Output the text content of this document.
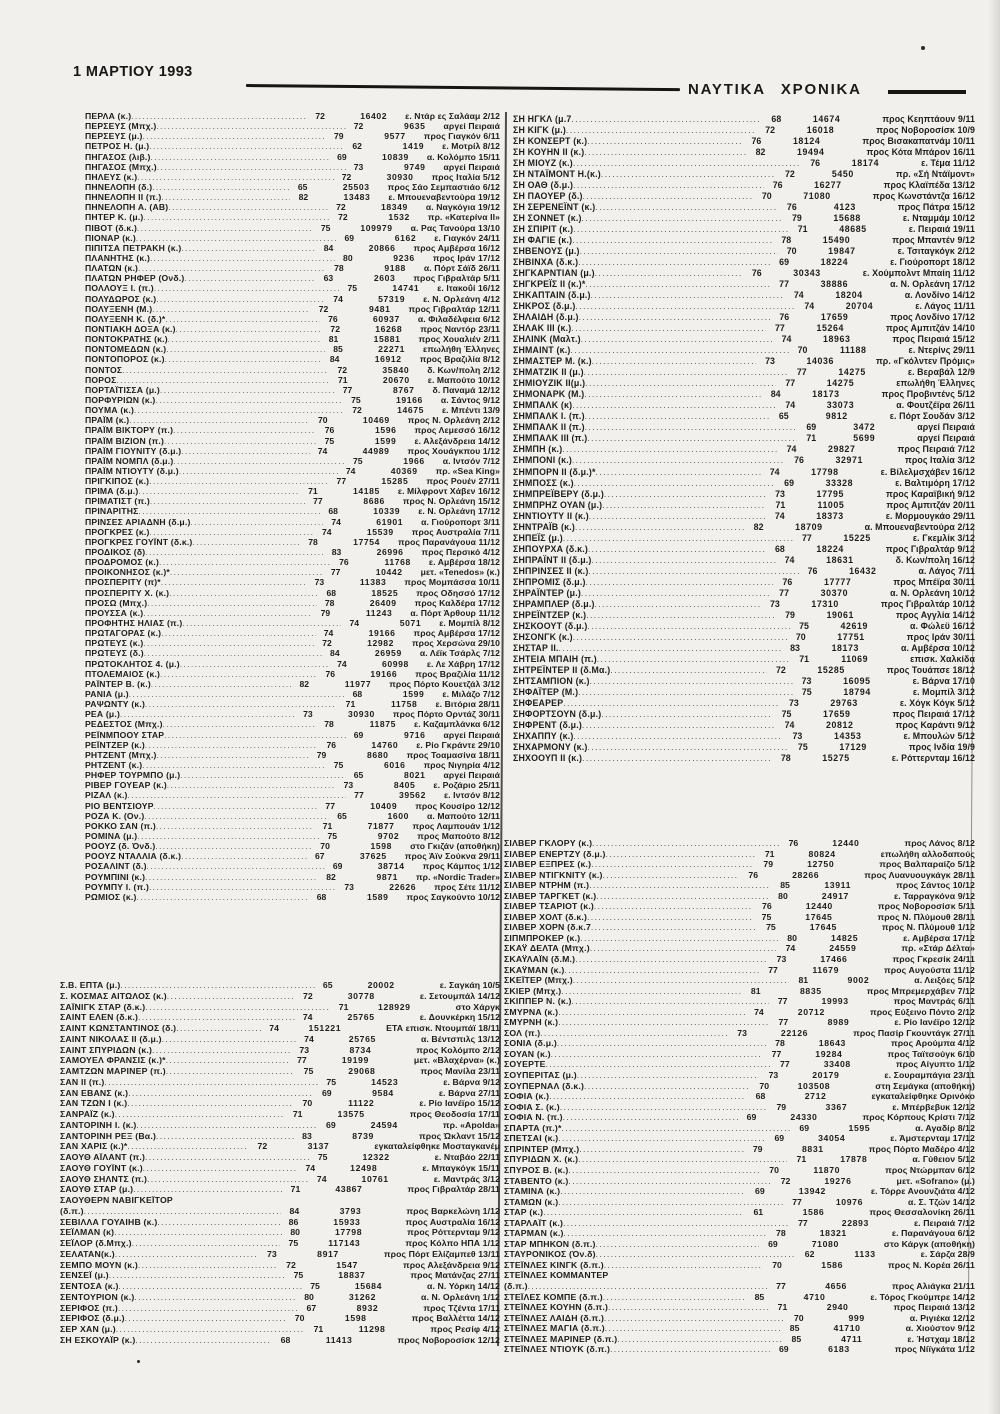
1 ΜΑΡΤΙΟΥ 1993
ΝΑΥΤΙΚΑ ΧΡΟΝΙΚΑ
ΠΕΡΛΑ (κ.) .....	72	16402 ε. Ντάρ ες Σαλάαμ 2/12
ΠΕΡΣΕΥΣ (Μπχ.) .....	72	9635 αργεί Πειραιά
ΠΕΡΣΕΥΣ (μ.) .....	79	9577 προς Γιαγκόν 6/11
ΠΕΤΡΟΣ Η. (μ.) .....	62	1419 ε. Μοτρίλ 8/12
ΠΗΓΑΣΟΣ (λιβ.) .....	69	10839 α. Κολόμπο 15/11
ΠΗΓΑΣΟΣ (Μπχ.) .....	73	9749 αργεί Πειραιά
ΠΗΛΕΥΣ (κ.) .....	72	30930 προς Ιταλία 5/12
ΠΗΝΕΛΟΠΗ (δ.) .....	65	25503 προς Σάο Σεμπαστιάο 6/12
ΠΗΝΕΛΟΠΗ ΙΙ (π.) .....	82	13483 ε. Μπουεναβεντούρα 19/12
ΠΗΝΕΛΟΠΗ Α. (ΑΒ) .....	72	18349 α. Ναγκόγια 19/12
ΠΗΤΕΡ Κ. (μ.) .....	72	1532 πρ. «Κατερίνα ΙΙ»
ΠΙΒΟΤ (δ.κ.) .....	75	109979 α. Ρας Τανούρα 13/10
ΠΙΟΝΑΡ (κ.) .....	69	6162 ε. Γιαγκόν 24/11
ΠΙΠΙΤΣΑ ΠΕΤΡΑΚΗ (κ.) .....	84	20866 προς Αμβέρσα 16/12
ΠΛΑΝΗΤΗΣ (κ.) .....	80	9236 προς Ιράν 17/12
ΠΛΑΤΩΝ (κ.) .....	78	9188 α. Πόρτ Σάϊδ 26/11
ΠΛΑΤΩΝ ΡΗΦΕΡ (Ονδ.) .....	63	2603 προς Γιβραλτάρ 5/11
ΠΟΛΛΟΥΞ Ι. (π.) .....	75	14741 ε. Ιτακοΰί 16/12
ΠΟΛΥΔΩΡΟΣ (κ.) .....	74	57319 ε. Ν. Ορλεάνη 4/12
ΠΟΛΥΞΕΝΗ (Μ.) .....	72	9481 προς Γιβραλτάρ 12/11
ΠΟΛΥΞΕΝΗ Κ. (δ.)* .....	76	60937 α. Φιλαδέλφεια 6/12
ΠΟΝΤΙΑΚΗ ΔΟΞΑ (κ.) .....	72	16268 προς Ναντόρ 23/11
ΠΟΝΤΟΚΡΑΤΗΣ (κ.) .....	81	15881 προς Χουαλιέν 2/11
ΠΟΝΤΟΜΕΔΩΝ (κ.) .....	85	22271 επωλήθη Έλληνες
ΠΟΝΤΟΠΟΡΟΣ (κ.) .....	84	16912 προς Βραζιλία 8/12
ΠΟΝΤΟΣ .....	72	35840 δ. Κων/πολη 2/12
ΠΟΡΟΣ .....	71	20670 ε. Μαπούτο 10/12
ΠΟΡΤΑΪΤΙΣΣΑ (μ.) .....	77	8767 δ. Παναμά 12/12
ΠΟΡΦΥΡΙΩΝ (κ.) .....	75	19166 α. Σάντος 9/12
ΠΟΥΜΑ (κ.) .....	72	14675 ε. Μπέντι 13/9
ΠΡΑΪΜ (κ.) .....	70	10469 προς Ν. Ορλεάνη 2/12
ΠΡΑΪΜ ΒΙΚΤΟΡΥ (π.) .....	76	1596 προς Λεμεσσό 16/12
ΠΡΑΪΜ ΒΙΖΙΟΝ (π.) .....	75	1599 ε. Αλεξάνδρεια 14/12
ΠΡΑΪΜ ΓΙΟΥΝΙΤΥ (δ.μ.) .....	74	44989 προς Χουάγκπου 1/12
ΠΡΑΪΜ ΝΟΜΠΛ (δ.μ.) .....	75	1966 α. Ιντσόν 7/12
ΠΡΑΪΜ ΝΤΙΟΥΤΥ (δ.μ.) .....	74	40369 πρ. «Sea King»
ΠΡΙΓΚΙΠΟΣ (κ.) .....	77	15285 προς Ρουέν 27/11
ΠΡΙΜΑ (δ.μ.) .....	71	14185 ε. Μίλφροντ Χάβεν 16/12
ΠΡΙΜΑΤΙΣΤ (π.) .....	77	8686 προς Ν. Ορλεάνη 15/12
ΠΡΙΝΑΡΙΤΗΣ .....	68	10339 ε. Ν. Ορλεάνη 17/12
ΠΡΙΝΣΕΣ ΑΡΙΑΔΝΗ (δ.μ.) .....	74	61901 α. Γιούροπορτ 3/11
ΠΡΟΓΚΡΕΣ (κ.) .....	74	15539 προς Αυστραλία 7/11
ΠΡΟΓΚΡΕΣ ΓΟΥΪΝΤ (δ.κ.) .....	78	17754 προς Παρανάγουα 11/12
ΠΡΟΔΙΚΟΣ (δ) .....	83	26996 προς Περσικό 4/12
ΠΡΟΔΡΟΜΟΣ (κ.) .....	76	11768 ε. Αμβέρσα 18/12
ΠΡΟΙΚΟΝΗΣΟΣ (κ.)* .....	77	10442 μετ. «Tenedos» (κ.)
ΠΡΟΣΠΕΡΙΤΥ (π)* .....	73	11383 προς Μομπάσσα 10/11
ΠΡΟΣΠΕΡΙΤΥ Χ. (κ.) .....	68	18525 προς Οδησσό 17/12
ΠΡΟΣΩ (Μπχ.) .....	78	26409 προς Καλδέρα 17/12
ΠΡΟΥΣΣΑ (κ.) .....	79	11243 α. Πόρτ Άρθουρ 11/12
ΠΡΟΦΗΤΗΣ ΗΛΙΑΣ (π.) .....	74	5071 ε. Μομπίλ 8/12
ΠΡΩΤΑΓΟΡΑΣ (κ.) .....	74	19166 προς Αμβέρσα 17/12
ΠΡΩΤΕΥΣ (κ.) .....	72	12982 προς Χερσώνα 29/10
ΠΡΩΤΕΥΣ (δ.) .....	84	26959 α. Λέϊκ Τσάρλς 7/12
ΠΡΩΤΟΚΛΗΤΟΣ 4. (μ.) .....	74	60998 ε. Λε Χάβρη 17/12
ΠΤΟΛΕΜΑΙΟΣ (κ.) .....	76	19166 προς Βραζιλία 11/12
ΡΑΪΝΤΕΡ Β. (κ.) .....	82	11977 προς Πόρτο Κουετζάλ 3/12
ΡΑΝΙΑ (μ.) .....	68	1599 ε. Μιλάζο 7/12
ΡΑΨΩΝΤΥ (κ.) .....	71	11758 ε. Βιτόρια 28/11
ΡΕΑ (μ.) .....	73	30930 προς Πόρτο Ορντάζ 30/11
ΡΕΔΕΣΤΟΣ (Μπχ.) .....	78	11875 ε. Καζαμπλάνκα 6/12
ΡΕΪΝΜΠΟΟΥ ΣΤΑΡ .....	69	9716 αργεί Πειραιά
ΡΕΪΝΤΖΕΡ (κ.) .....	76	14760 ε. Ρίο Γκράντε 29/10
ΡΗΤΖΕΝΤ (Μπχ.) .....	79	8680 προς Τοαμασίνα 18/11
ΡΗΤΖΕΝΤ (κ.) .....	75	6016 προς Νιγηρία 4/12
ΡΗΦΕΡ ΤΟΥΡΜΠΟ (μ.) .....	65	8021 αργεί Πειραιά
ΡΙΒΕΡ ΓΟΥΕΑΡ (κ.) .....	73	8405 ε. Ροζάριο 25/11
ΡΙΖΑΛ (κ.) .....	77	39562 ε. Ιντσόν 8/12
ΡΙΟ ΒΕΝΤΣΙΟΥΡ .....	77	10409 προς Κουσίρο 12/12
ΡΟΖΑ Κ. (Ον.) .....	65	1600 α. Μαπούτο 12/11
ΡΟΚΚΟ ΣΑΝ (π.) .....	71	71877 προς Λαμπουάν 1/12
ΡΟΜΙΝΑ (μ.) .....	75	9702 προς Μαπούτο 8/12
ΡΟΟΥΖ (δ. Όνδ.) .....	70	1598 στο Γκιζάν (αποθήκη)
ΡΟΟΥΖ ΝΤΑΛΛΙΑ (δ.κ.) .....	67	37625 προς Άϊν Σούκνα 29/11
ΡΟΣΑΛΙΝΤ (δ.) .....	69	38714 προς Κάμπος 1/12
ΡΟΥΜΠΙΝΙ (κ.) .....	82	9871 πρ. «Nordic Trader»
ΡΟΥΜΠΥ Ι. (π.) .....	73	22626 προς Σέτε 11/12
ΡΩΜΙΟΣ (κ.) .....	68	1589 προς Σαγκούντο 10/12
Σ.Β. ΕΠΤΑ (μ.) .....	65	20002	ε. Σαγκάη 10/5
Σ. ΚΟΣΜΑΣ ΑΙΤΩΛΟΣ (κ.) .....	72	30778	ε. Σετουμπάλ 14/12
ΣΑΪΝΙΓΚ ΣΤΑΡ (δ.κ.) .....	71	128929	στο Χάργκ
ΣΑΙΝΤ ΕΛΕΝ (δ.κ.) .....	74	25765	ε. Δουνκέρκη 15/12
ΣΑΙΝΤ ΚΩΝΣΤΑΝΤΙΝΟΣ (δ.) .....	74	151221	ΕΤΑ επισκ. Ντουμπάϊ 18/11
ΣΑΙΝΤ ΝΙΚΟΛΑΣ ΙΙ (δ.μ.) .....	74	25765	α. Βέντσπιλς 13/12
ΣΑΙΝΤ ΣΠΥΡΙΔΩΝ (κ.) .....	73	8734	προς Κολόμπο 2/12
ΣΑΜΟΥΕΛ ΦΡΑΝΣΙΣ (κ.)* .....	77	19199	μετ. «Βλαχέρνα» (κ.)
ΣΑΜΤΖΩΝ ΜΑΡΙΝΕΡ (π.) .....	75	29068	προς Μανίλα 23/11
ΣΑΝ ΙΙ (π.) .....	75	14523	ε. Βάρνα 9/12
ΣΑΝ ΕΒΑΝΣ (κ.) .....	69	9584	ε. Βάρνα 27/11
ΣΑΝ ΤΖΩΝ Ι (κ.) .....	70	11122	ε. Ρίο Ιανέϊρο 15/12
ΣΑΝΡΑΪΖ (κ.) .....	71	13575	προς Θεοδοσία 17/11
ΣΑΝΤΟΡΙΝΗ Ι. (κ.) .....	69	24594	πρ. «Apolda»
ΣΑΝΤΟΡΙΝΗ ΡΕΞ (Βα.) .....	83	8739	προς Ώκλαντ 15/12
ΣΑΝ ΧΑΡΙΣ (κ.)* .....	72	3137	εγκαταλείφθηκε Μοσταγκανέμ
ΣΑΟΥΘ ΑΪΛΑΝΤ (π.) .....	75	12322	ε. Νταβάο 22/11
ΣΑΟΥΘ ΓΟΥΪΝΤ (κ.) .....	74	12498	ε. Μπαγκόγκ 15/11
ΣΑΟΥΘ ΣΗΛΝΤΣ (π.) .....	74	10761	ε. Μαντράς 3/12
ΣΑΟΥΘ ΣΤΑΡ (μ.) .....	71	43867	προς Γιβραλτάρ 28/11
ΣΑΟΥΘΕΡΝ ΝΑΒΙΓΚΕΪΤΟΡ
(δ.π.) .....	84	3793	προς Βαρκελώνη 1/12
ΣΕΒΙΛΛΑ ΓΟΥΑΙΗΒ (κ.) .....	86	15933	προς Αυστραλία 16/12
ΣΕΪΛΜΑΝ (κ) .....	80	17798	προς Ρόττερνταμ 9/12
ΣΕΪΛΟΡ (δ.Μπχ.) .....	75	117143	προς Κόλπο ΗΠΑ 1/12
ΣΕΛΑΤΑΝ(κ.) .....	73	8917	προς Πόρτ Ελίζαμπεθ 13/11
ΣΕΜΠΟ ΜΟΥΝ (κ.) .....	72	1547	προς Αλεξάνδρεια 9/12
ΣΕΝΣΕΪ (μ.) .....	75	18837	προς Ματάνζας 27/11
ΣΕΝΤΟΣΑ (κ.) .....	75	15684	α. Ν. Υόρκη 14/12
ΣΕΝΤΟΥΡΙΟΝ (κ.) .....	80	31262	α. Ν. Ορλεάνη 1/12
ΣΕΡΙΦΟΣ (π.) .....	67	8932	προς Τζέντα 17/11
ΣΕΡΙΦΟΣ (δ.μ.) .....	70	1598	προς Βαλλέττα 14/12
ΣΕΡ ΧΑΝ (μ.) .....	71	11298	προς Ρεσίφ 4/12
ΣΗ ΕΣΚΟΥΑΪΡ (κ.) .....	68	11413	προς Νοβοροσίσκ 12/12
ΣΗ ΗΓΚΛ (μ.7 .....	68	14674	προς Κεηπτάουν 9/11
ΣΗ ΚΙΓΚ (μ.) .....	72	16018	προς Νοβοροσίσκ 10/9
ΣΗ ΚΟΝΣΕΡΤ (κ.) .....	76	18124	προς Βισακαπατνάμ 10/11
ΣΗ ΚΟΥΗΝ ΙΙ (κ.) .....	82	19494	προς Κότα Μπάρον 16/11
ΣΗ ΜΙΟΥΖ (κ.) .....	76	18174	ε. Τέμα 11/12
ΣΗ ΝΤΑΪΜΟΝΤ Η.(κ.) .....	72	5450	πρ. «Σή Ντάϊμοντ»
ΣΗ ΟΑΘ (δ.μ.) .....	76	16277	προς Κλαϊπέδα 13/12
ΣΗ ΠΑΟΥΕΡ (δ.) .....	70	71080	προς Κωνστάντζα 16/12
ΣΗ ΣΕΡΕΝΕΪΝΤ (κ.) .....	76	4123	προς Πάτρα 15/12
ΣΗ ΣΟΝΝΕΤ (κ.) .....	79	15688	ε. Νταμμάμ 10/12
ΣΗ ΣΠΙΡΙΤ (κ.) .....	71	48685	ε. Πειραιά 19/11
ΣΗ ΦΑΓΙΕ (κ.) .....	78	15490	προς Μπαντέν 9/12
ΣΗΒΕΝΟΥΣ (μ.) .....	70	19847	ε. Τσιταγκόγκ 2/12
ΣΗΒΙΝΧΑ (δ.κ.) .....	69	18224	ε. Γιούροπορτ 18/12
ΣΗΓΚΑΡΝΤΙΑΝ (μ.) .....	76	30343	ε. Χούμπολντ Μπαίη 11/12
ΣΗΓΚΡΕΪΣ ΙΙ (κ.)* .....	77	38886	α. Ν. Ορλεάνη 17/12
ΣΗΚΑΠΤΑΙΝ (δ.μ.) .....	74	18204	α. Λονδίνο 14/12
ΣΗΚΡΟΣ (δ.μ.) .....	74	20704	ε. Λάγος 11/11
ΣΗΛΑΙΔΗ (δ.μ.) .....	76	17659	προς Λονδίνο 17/12
ΣΗΛΑΚ ΙΙΙ (κ.) .....	77	15264	προς Αμπιτζάν 14/10
ΣΗΛΙΝΚ (Μαλτ.) .....	74	18963	προς Πειραιά 15/12
ΣΗΜΑΙΝΤ (κ.) .....	70	11188	ε. Ντερίνς 29/11
ΣΗΜΑΣΤΕΡ Μ. (κ.) .....	73	14036	πρ. «Γκόλντεν Πρόμις»
ΣΗΜΑΤΖΙΚ ΙΙ (μ.) .....	77	14275	ε. Βεραβάλ 12/9
ΣΗΜΙΟΥΖΙΚ ΙΙ(μ.) .....	77	14275	επωλήθη Έλληνες
ΣΗΜΟΝΑΡΚ (Μ.) .....	84	18173	προς Προβιντένς 5/12
ΣΗΜΠΑΛΚ (κ) .....	74	33073	α. Φουτζέϊρα 26/11
ΣΗΜΠΑΛΚ Ι. (π.) .....	65	9812	ε. Πόρτ Σουδάν 3/12
ΣΗΜΠΑΛΚ ΙΙ (π.) .....	69	3472	αργεί Πειραιά
ΣΗΜΠΑΛΚ ΙΙΙ (π.) .....	71	5699	αργεί Πειραιά
ΣΗΜΠΗ (κ.) .....	74	29827	προς Πειραιά 7/12
ΣΗΜΠΟΝΙ (κ.) .....	76	32971	προς Ιταλία 3/12
ΣΗΜΠΟΡΝ ΙΙ (δ.μ.)* .....	74	17798	ε. Βίλελμσχάβεν 16/12
ΣΗΜΠΟΣΣ (κ.) .....	69	33328	ε. Βαλτιμόρη 17/12
ΣΗΜΠΡΕΪΒΕΡΥ (δ.μ.) .....	73	17795	προς Καραϊβική 9/12
ΣΗΜΠΡΗΖ ΟΥΑΝ (μ.) .....	71	11005	προς Αμπιτζάν 20/11
ΣΗΝΤΙΟΥΤΥ ΙΙ (κ.) .....	74	18373	ε. Μορμουγκάο 29/11
ΣΗΝΤΡΑΪΒ (κ.) .....	82	18709	α. Μπουεναβεντούρα 2/12
ΣΗΠΕΪΣ (μ.) .....	77	15225	ε. Γκεμλίκ 3/12
ΣΗΠΟΥΡΧΑ (δ.κ.) .....	68	18224	προς Γιβραλτάρ 9/12
ΣΗΠΡΑΪΝΤ ΙΙ (δ.μ.) .....	74	18631	δ. Κων/πολη 16/12
ΣΗΠΡΙΝΣΕΣ ΙΙ (κ.) .....	76	16432	α. Λάγος 7/11
ΣΗΠΡΟΜΙΣ (δ.μ.) .....	76	17777	προς Μπέϊρα 30/11
ΣΗΡΑΪΝΤΕΡ (μ.) .....	77	30370	α. Ν. Ορλεάνη 10/12
ΣΗΡΑΜΠΛΕΡ (δ.μ.) .....	73	17310	προς Γιβραλτάρ 10/12
ΣΗΡΕΪΝΤΖΕΡ (κ.) .....	79	19061	προς Αγγλία 14/12
ΣΗΣΚΟΟΥΤ (δ.μ.) .....	75	42619	α. Φώλεϋ 16/12
ΣΗΣΟΝΓΚ (κ.) .....	70	17751	προς Ιράν 30/11
ΣΗΣΤΑΡ ΙΙ. .....	83	18173	α. Αμβέρσα 10/12
ΣΗΤΕΙΑ ΜΠΑΙΗ (π.) .....	71	11069	επισκ. Χαλκίδα
ΣΗΤΡΕΪΝΤΕΡ ΙΙ (δ.Μα.) .....	72	15285	προς Τουάπσε 18/12
ΣΗΤΣΑΜΠΙΟΝ (κ.) .....	73	16095	ε. Βάρνα 17/10
ΣΗΦΑΪΤΕΡ (Μ.) .....	75	18794	ε. Μομπίλ 3/12
ΣΗΦΕΑΡΕΡ .....	73	29763	ε. Χόγκ Κόγκ 5/12
ΣΗΦΟΡΤΣΟΥΝ (δ.μ.) .....	75	17659	προς Πειραιά 17/12
ΣΗΦΡΕΝΤ (δ.μ.) .....	74	20812	προς Καράντι 9/12
ΣΗΧΑΠΠΥ (κ.) .....	73	14353	ε. Μπουλών 5/12
ΣΗΧΑΡΜΟΝΥ (κ.) .....	75	17129	προς Ινδία 19/9
ΣΗΧΟΟΥΠ ΙΙ (κ.) .....	78	15275	ε. Ρόττερνταμ 16/12
ΣΙΛΒΕΡ ΓΚΛΟΡΥ (κ.) .....	76	12440	προς Λάνος 8/12
ΣΙΛΒΕΡ ΕΝΕΡΤΖΥ (δ.μ.) .....	71	80824	επωλήθη αλλοδαπούς
ΣΙΛΒΕΡ ΕΞΠΡΕΣ (κ.) .....	79	12750	προς Βαλπαραίζο 5/12
ΣΙΛΒΕΡ ΝΤΙΓΚΝΙΤΥ (κ.) .....	76	28266	προς Λυανυουγκάγκ 28/11
ΣΙΛΒΕΡ ΝΤΡΗΜ (π.) .....	85	13911	προς Σάντος 10/12
ΣΙΛΒΕΡ ΤΑΡΓΚΕΤ (κ.) .....	80	24917	ε. Ταρραγκόνα 9/12
ΣΙΛΒΕΡ ΤΣΑΡΙΟΤ (κ.) .....	76	12440	προς Νοβοροσίσκ 5/11
ΣΙΛΒΕΡ ΧΟΛΤ (δ.κ.) .....	75	17645	προς Ν. Πλύμουθ 28/11
ΣΙΛΒΕΡ ΧΟΡΝ (δ.κ.7 .....	75	17645	προς Ν. Πλύμουθ 1/12
ΣΙΠΜΠΡΟΚΕΡ (κ.) .....	80	14825	ε. Αμβέρσα 17/12
ΣΚΑΫ ΔΕΛΤΑ (Μπχ.) .....	74	24559	πρ. «Στάρ Δέλτα»
ΣΚΑΫΛΑΪΝ (δ.Μ.) .....	73	17466	προς Γκρεσίκ 24/11
ΣΚΑΫΜΑΝ (κ.) .....	77	11679	προς Αυγούστα 11/12
ΣΚΕΪΤΕΡ (Μπχ.) .....	81	9002	α. Λειξόες 5/12
ΣΚΙΕΡ (Μπχ.) .....	81	8835	προς Μπρεμερχάβεν 7/12
ΣΚΙΠΠΕΡ Ν. (κ.) .....	77	19993	προς Μαντράς 6/11
ΣΜΥΡΝΑ (κ.) .....	74	20712	προς Εύξεινο Πόντο 2/12
ΣΜΥΡΝΗ (κ.) .....	77	8989	ε. Ρίο Ιανέϊρο 12/12
ΣΟΛ (π.) .....	73	22126	προς Πασίρ Γκουντάγκ 27/11
ΣΟΝΙΑ (δ.μ.) .....	78	18643	προς Αρούμπα 4/12
ΣΟΥΑΝ (κ.) .....	77	19284	προς Ταϊτσούγκ 6/10
ΣΟΥΕΡΤΕ .....	77	33408	προς Αίγυπτο 1/12
ΣΟΥΠΕΡΙΤΑΣ (μ.) .....	73	20179	ε. Σουραμπάγια 23/11
ΣΟΥΠΕΡΝΑΛ (δ.κ.) .....	70	103508	στη Σεμάγκα (αποθήκη)
ΣΟΦΙΑ (κ.) .....	68	2712	εγκαταλείφθηκε Ορινόκο
ΣΟΦΙΑ Σ. (κ.) .....	79	3367	ε. Μπέρβεβυκ 12/12
ΣΟΦΙΑ Ν. (π.) .....	69	24330	προς Κόρπους Κρίστι 7/12
ΣΠΑΡΤΑ (π.)* .....	69	1595	α. Αγαδίρ 8/12
ΣΠΕΤΣΑΙ (κ.) .....	69	34054	ε. Άμστερνταμ 17/12
ΣΠΡΙΝΤΕΡ (Μπχ.) .....	79	8831	προς Πόρτο Μαδέρο 4/12
ΣΠΥΡΙΔΩΝ Χ. (κ.) .....	71	17878	α. Γύθειον 5/12
ΣΠΥΡΟΣ Β. (κ.) .....	70	11870	προς Ντώρμπαν 6/12
ΣΤΑΒΕΝΤΟ (κ.) .....	72	19276	μετ. «Sofrano» (μ.)
ΣΤΑΜΙΝΑ (κ.) .....	69	13942	ε. Τόρρε Ανουνζιάτα 4/12
ΣΤΑΜΩΝ (κ.) .....	77	10976	α. Σ. Τζών 14/12
ΣΤΑΡ (κ.) .....	61	1586	προς Θεσσαλονίκη 26/11
ΣΤΑΡΛΑΪΤ (κ.) .....	77	22893	ε. Πειραιά 7/12
ΣΤΑΡΜΑΝ (κ.) .....	78	18321	ε. Παρανάγουα 6/12
ΣΤΑΡ ΜΠΗΚΟΝ (δ.π.) .....	69	71080	στο Κάργκ (αποθήκη)
ΣΤΑΥΡΟΝΙΚΟΣ (Όν.δ) .....	62	1133	ε. Σάρζα 28/9
ΣΤΕΪΝΛΕΣ ΚΙΝΓΚ (δ.π.) .....	70	1586	προς Ν. Κορέα 26/11
ΣΤΕΪΝΛΕΣ ΚΟΜΜΑΝΤΕΡ
(δ.π.) .....	77	4656	προς Αλιάγκα 21/11
ΣΤΕΪΛΕΣ ΚΟΜΠΕ (δ.π.) .....	85	4710	ε. Τόρος Γκούμπρε 14/12
ΣΤΕΪΝΛΕΣ ΚΟΥΗΝ (δ.π.) .....	71	2940	προς Πειραιά 13/12
ΣΤΕΪΝΛΕΣ ΛΑΙΔΗ (δ.π.) .....	70	999	α. Ριγιέκα 12/12
ΣΤΕΪΝΛΕΣ ΜΑΓΙΑ (δ.π.) .....	85	41710	α. Χιούστον 9/12
ΣΤΕΪΝΛΕΣ ΜΑΡΙΝΕΡ (δ.π.) .....	85	4711	ε. Ήστχαμ 18/12
ΣΤΕΪΝΛΕΣ ΝΤΙΟΥΚ (δ.π.) .....	69	6183	προς Νίϊγκάτα 1/12
